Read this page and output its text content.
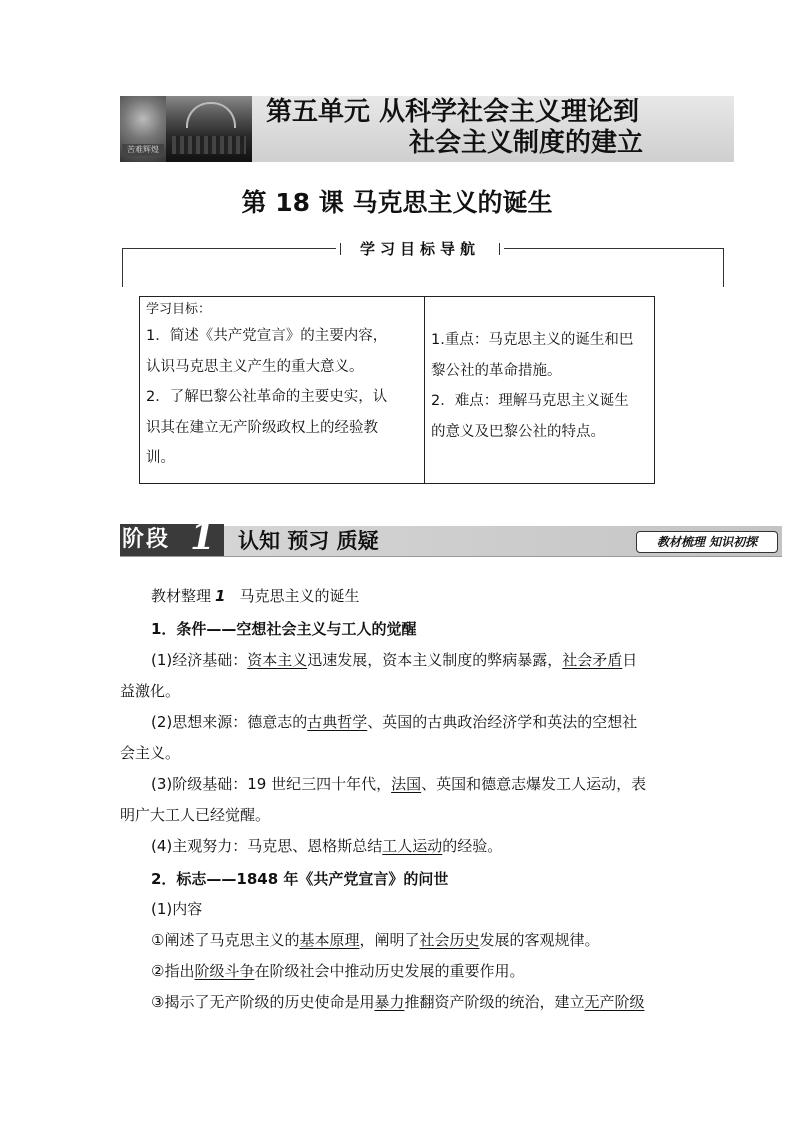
苦难辉煌
第五单元 从科学社会主义理论到
社会主义制度的建立
第 18 课 马克思主义的诞生
学习目标导航

学习目标：

1．简述《共产党宣言》的主要内容，

认识马克思主义产生的重大意义。

2．了解巴黎公社革命的主要史实，认

识其在建立无产阶级政权上的经验教

训。

1.重点：马克思主义的诞生和巴

黎公社的革命措施。

2．难点：理解马克思主义诞生

的意义及巴黎公社的特点。

阶段 1 认知 预习 质疑	教材梳理 知识初探
教材整理 1 马克思主义的诞生
1．条件——空想社会主义与工人的觉醒
(1)经济基础：资本主义迅速发展，资本主义制度的弊病暴露，社会矛盾日
益激化。
(2)思想来源：德意志的古典哲学、英国的古典政治经济学和英法的空想社
会主义。
(3)阶级基础：19 世纪三四十年代，法国、英国和德意志爆发工人运动，表
明广大工人已经觉醒。
(4)主观努力：马克思、恩格斯总结工人运动的经验。
2．标志——1848 年《共产党宣言》的问世
(1)内容
①阐述了马克思主义的基本原理，阐明了社会历史发展的客观规律。
②指出阶级斗争在阶级社会中推动历史发展的重要作用。
③揭示了无产阶级的历史使命是用暴力推翻资产阶级的统治，建立无产阶级
